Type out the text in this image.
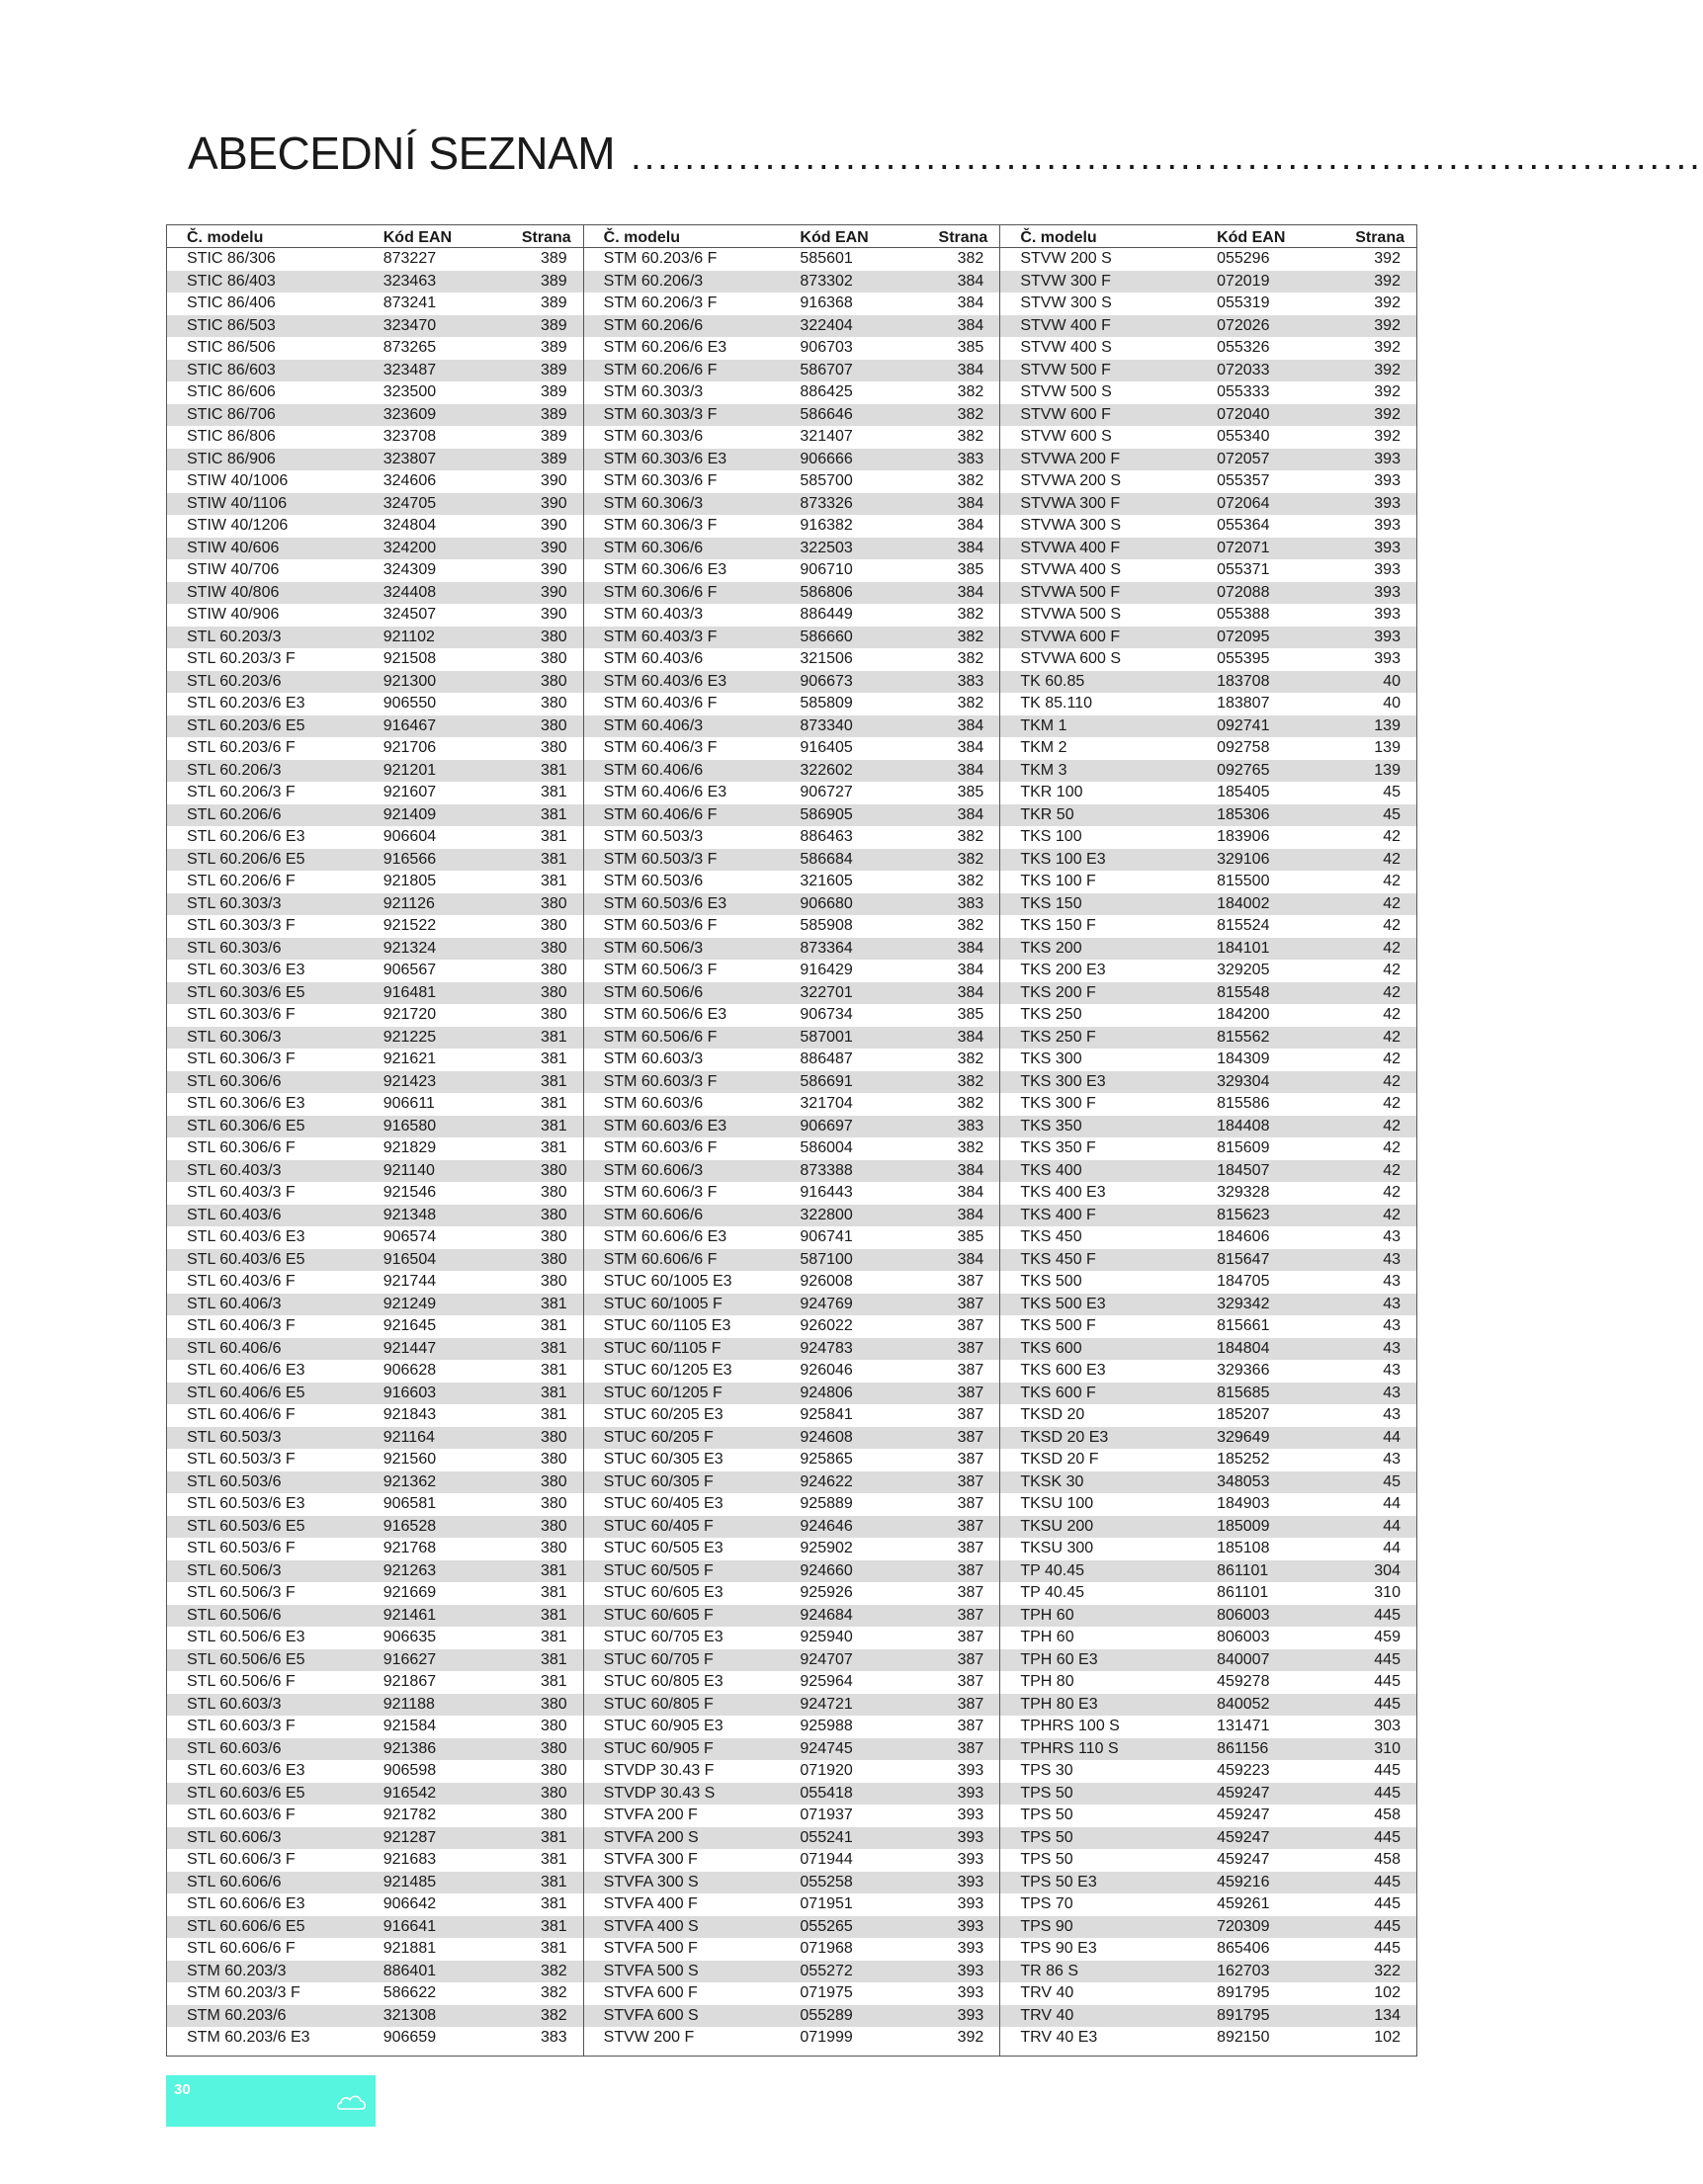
ABECEDNÍ SEZNAM ................................................................................
Č. modelu	Kód EAN	Strana
STIC 86/306	873227	389
STIC 86/403	323463	389
STIC 86/406	873241	389
STIC 86/503	323470	389
STIC 86/506	873265	389
STIC 86/603	323487	389
STIC 86/606	323500	389
STIC 86/706	323609	389
STIC 86/806	323708	389
STIC 86/906	323807	389
STIW 40/1006	324606	390
STIW 40/1106	324705	390
STIW 40/1206	324804	390
STIW 40/606	324200	390
STIW 40/706	324309	390
STIW 40/806	324408	390
STIW 40/906	324507	390
STL 60.203/3	921102	380
STL 60.203/3 F	921508	380
STL 60.203/6	921300	380
STL 60.203/6 E3	906550	380
STL 60.203/6 E5	916467	380
STL 60.203/6 F	921706	380
STL 60.206/3	921201	381
STL 60.206/3 F	921607	381
STL 60.206/6	921409	381
STL 60.206/6 E3	906604	381
STL 60.206/6 E5	916566	381
STL 60.206/6 F	921805	381
STL 60.303/3	921126	380
STL 60.303/3 F	921522	380
STL 60.303/6	921324	380
STL 60.303/6 E3	906567	380
STL 60.303/6 E5	916481	380
STL 60.303/6 F	921720	380
STL 60.306/3	921225	381
STL 60.306/3 F	921621	381
STL 60.306/6	921423	381
STL 60.306/6 E3	906611	381
STL 60.306/6 E5	916580	381
STL 60.306/6 F	921829	381
STL 60.403/3	921140	380
STL 60.403/3 F	921546	380
STL 60.403/6	921348	380
STL 60.403/6 E3	906574	380
STL 60.403/6 E5	916504	380
STL 60.403/6 F	921744	380
STL 60.406/3	921249	381
STL 60.406/3 F	921645	381
STL 60.406/6	921447	381
STL 60.406/6 E3	906628	381
STL 60.406/6 E5	916603	381
STL 60.406/6 F	921843	381
STL 60.503/3	921164	380
STL 60.503/3 F	921560	380
STL 60.503/6	921362	380
STL 60.503/6 E3	906581	380
STL 60.503/6 E5	916528	380
STL 60.503/6 F	921768	380
STL 60.506/3	921263	381
STL 60.506/3 F	921669	381
STL 60.506/6	921461	381
STL 60.506/6 E3	906635	381
STL 60.506/6 E5	916627	381
STL 60.506/6 F	921867	381
STL 60.603/3	921188	380
STL 60.603/3 F	921584	380
STL 60.603/6	921386	380
STL 60.603/6 E3	906598	380
STL 60.603/6 E5	916542	380
STL 60.603/6 F	921782	380
STL 60.606/3	921287	381
STL 60.606/3 F	921683	381
STL 60.606/6	921485	381
STL 60.606/6 E3	906642	381
STL 60.606/6 E5	916641	381
STL 60.606/6 F	921881	381
STM 60.203/3	886401	382
STM 60.203/3 F	586622	382
STM 60.203/6	321308	382
STM 60.203/6 E3	906659	383
Č. modelu	Kód EAN	Strana
STM 60.203/6 F	585601	382
STM 60.206/3	873302	384
STM 60.206/3 F	916368	384
STM 60.206/6	322404	384
STM 60.206/6 E3	906703	385
STM 60.206/6 F	586707	384
STM 60.303/3	886425	382
STM 60.303/3 F	586646	382
STM 60.303/6	321407	382
STM 60.303/6 E3	906666	383
STM 60.303/6 F	585700	382
STM 60.306/3	873326	384
STM 60.306/3 F	916382	384
STM 60.306/6	322503	384
STM 60.306/6 E3	906710	385
STM 60.306/6 F	586806	384
STM 60.403/3	886449	382
STM 60.403/3 F	586660	382
STM 60.403/6	321506	382
STM 60.403/6 E3	906673	383
STM 60.403/6 F	585809	382
STM 60.406/3	873340	384
STM 60.406/3 F	916405	384
STM 60.406/6	322602	384
STM 60.406/6 E3	906727	385
STM 60.406/6 F	586905	384
STM 60.503/3	886463	382
STM 60.503/3 F	586684	382
STM 60.503/6	321605	382
STM 60.503/6 E3	906680	383
STM 60.503/6 F	585908	382
STM 60.506/3	873364	384
STM 60.506/3 F	916429	384
STM 60.506/6	322701	384
STM 60.506/6 E3	906734	385
STM 60.506/6 F	587001	384
STM 60.603/3	886487	382
STM 60.603/3 F	586691	382
STM 60.603/6	321704	382
STM 60.603/6 E3	906697	383
STM 60.603/6 F	586004	382
STM 60.606/3	873388	384
STM 60.606/3 F	916443	384
STM 60.606/6	322800	384
STM 60.606/6 E3	906741	385
STM 60.606/6 F	587100	384
STUC 60/1005 E3	926008	387
STUC 60/1005 F	924769	387
STUC 60/1105 E3	926022	387
STUC 60/1105 F	924783	387
STUC 60/1205 E3	926046	387
STUC 60/1205 F	924806	387
STUC 60/205 E3	925841	387
STUC 60/205 F	924608	387
STUC 60/305 E3	925865	387
STUC 60/305 F	924622	387
STUC 60/405 E3	925889	387
STUC 60/405 F	924646	387
STUC 60/505 E3	925902	387
STUC 60/505 F	924660	387
STUC 60/605 E3	925926	387
STUC 60/605 F	924684	387
STUC 60/705 E3	925940	387
STUC 60/705 F	924707	387
STUC 60/805 E3	925964	387
STUC 60/805 F	924721	387
STUC 60/905 E3	925988	387
STUC 60/905 F	924745	387
STVDP 30.43 F	071920	393
STVDP 30.43 S	055418	393
STVFA 200 F	071937	393
STVFA 200 S	055241	393
STVFA 300 F	071944	393
STVFA 300 S	055258	393
STVFA 400 F	071951	393
STVFA 400 S	055265	393
STVFA 500 F	071968	393
STVFA 500 S	055272	393
STVFA 600 F	071975	393
STVFA 600 S	055289	393
STVW 200 F	071999	392
Č. modelu	Kód EAN	Strana
STVW 200 S	055296	392
STVW 300 F	072019	392
STVW 300 S	055319	392
STVW 400 F	072026	392
STVW 400 S	055326	392
STVW 500 F	072033	392
STVW 500 S	055333	392
STVW 600 F	072040	392
STVW 600 S	055340	392
STVWA 200 F	072057	393
STVWA 200 S	055357	393
STVWA 300 F	072064	393
STVWA 300 S	055364	393
STVWA 400 F	072071	393
STVWA 400 S	055371	393
STVWA 500 F	072088	393
STVWA 500 S	055388	393
STVWA 600 F	072095	393
STVWA 600 S	055395	393
TK 60.85	183708	40
TK 85.110	183807	40
TKM 1	092741	139
TKM 2	092758	139
TKM 3	092765	139
TKR 100	185405	45
TKR 50	185306	45
TKS 100	183906	42
TKS 100 E3	329106	42
TKS 100 F	815500	42
TKS 150	184002	42
TKS 150 F	815524	42
TKS 200	184101	42
TKS 200 E3	329205	42
TKS 200 F	815548	42
TKS 250	184200	42
TKS 250 F	815562	42
TKS 300	184309	42
TKS 300 E3	329304	42
TKS 300 F	815586	42
TKS 350	184408	42
TKS 350 F	815609	42
TKS 400	184507	42
TKS 400 E3	329328	42
TKS 400 F	815623	42
TKS 450	184606	43
TKS 450 F	815647	43
TKS 500	184705	43
TKS 500 E3	329342	43
TKS 500 F	815661	43
TKS 600	184804	43
TKS 600 E3	329366	43
TKS 600 F	815685	43
TKSD 20	185207	43
TKSD 20 E3	329649	44
TKSD 20 F	185252	43
TKSK 30	348053	45
TKSU 100	184903	44
TKSU 200	185009	44
TKSU 300	185108	44
TP 40.45	861101	304
TP 40.45	861101	310
TPH 60	806003	445
TPH 60	806003	459
TPH 60 E3	840007	445
TPH 80	459278	445
TPH 80 E3	840052	445
TPHRS 100 S	131471	303
TPHRS 110 S	861156	310
TPS 30	459223	445
TPS 50	459247	445
TPS 50	459247	458
TPS 50	459247	445
TPS 50	459247	458
TPS 50 E3	459216	445
TPS 70	459261	445
TPS 90	720309	445
TPS 90 E3	865406	445
TR 86 S	162703	322
TRV 40	891795	102
TRV 40	891795	134
TRV 40 E3	892150	102
30
